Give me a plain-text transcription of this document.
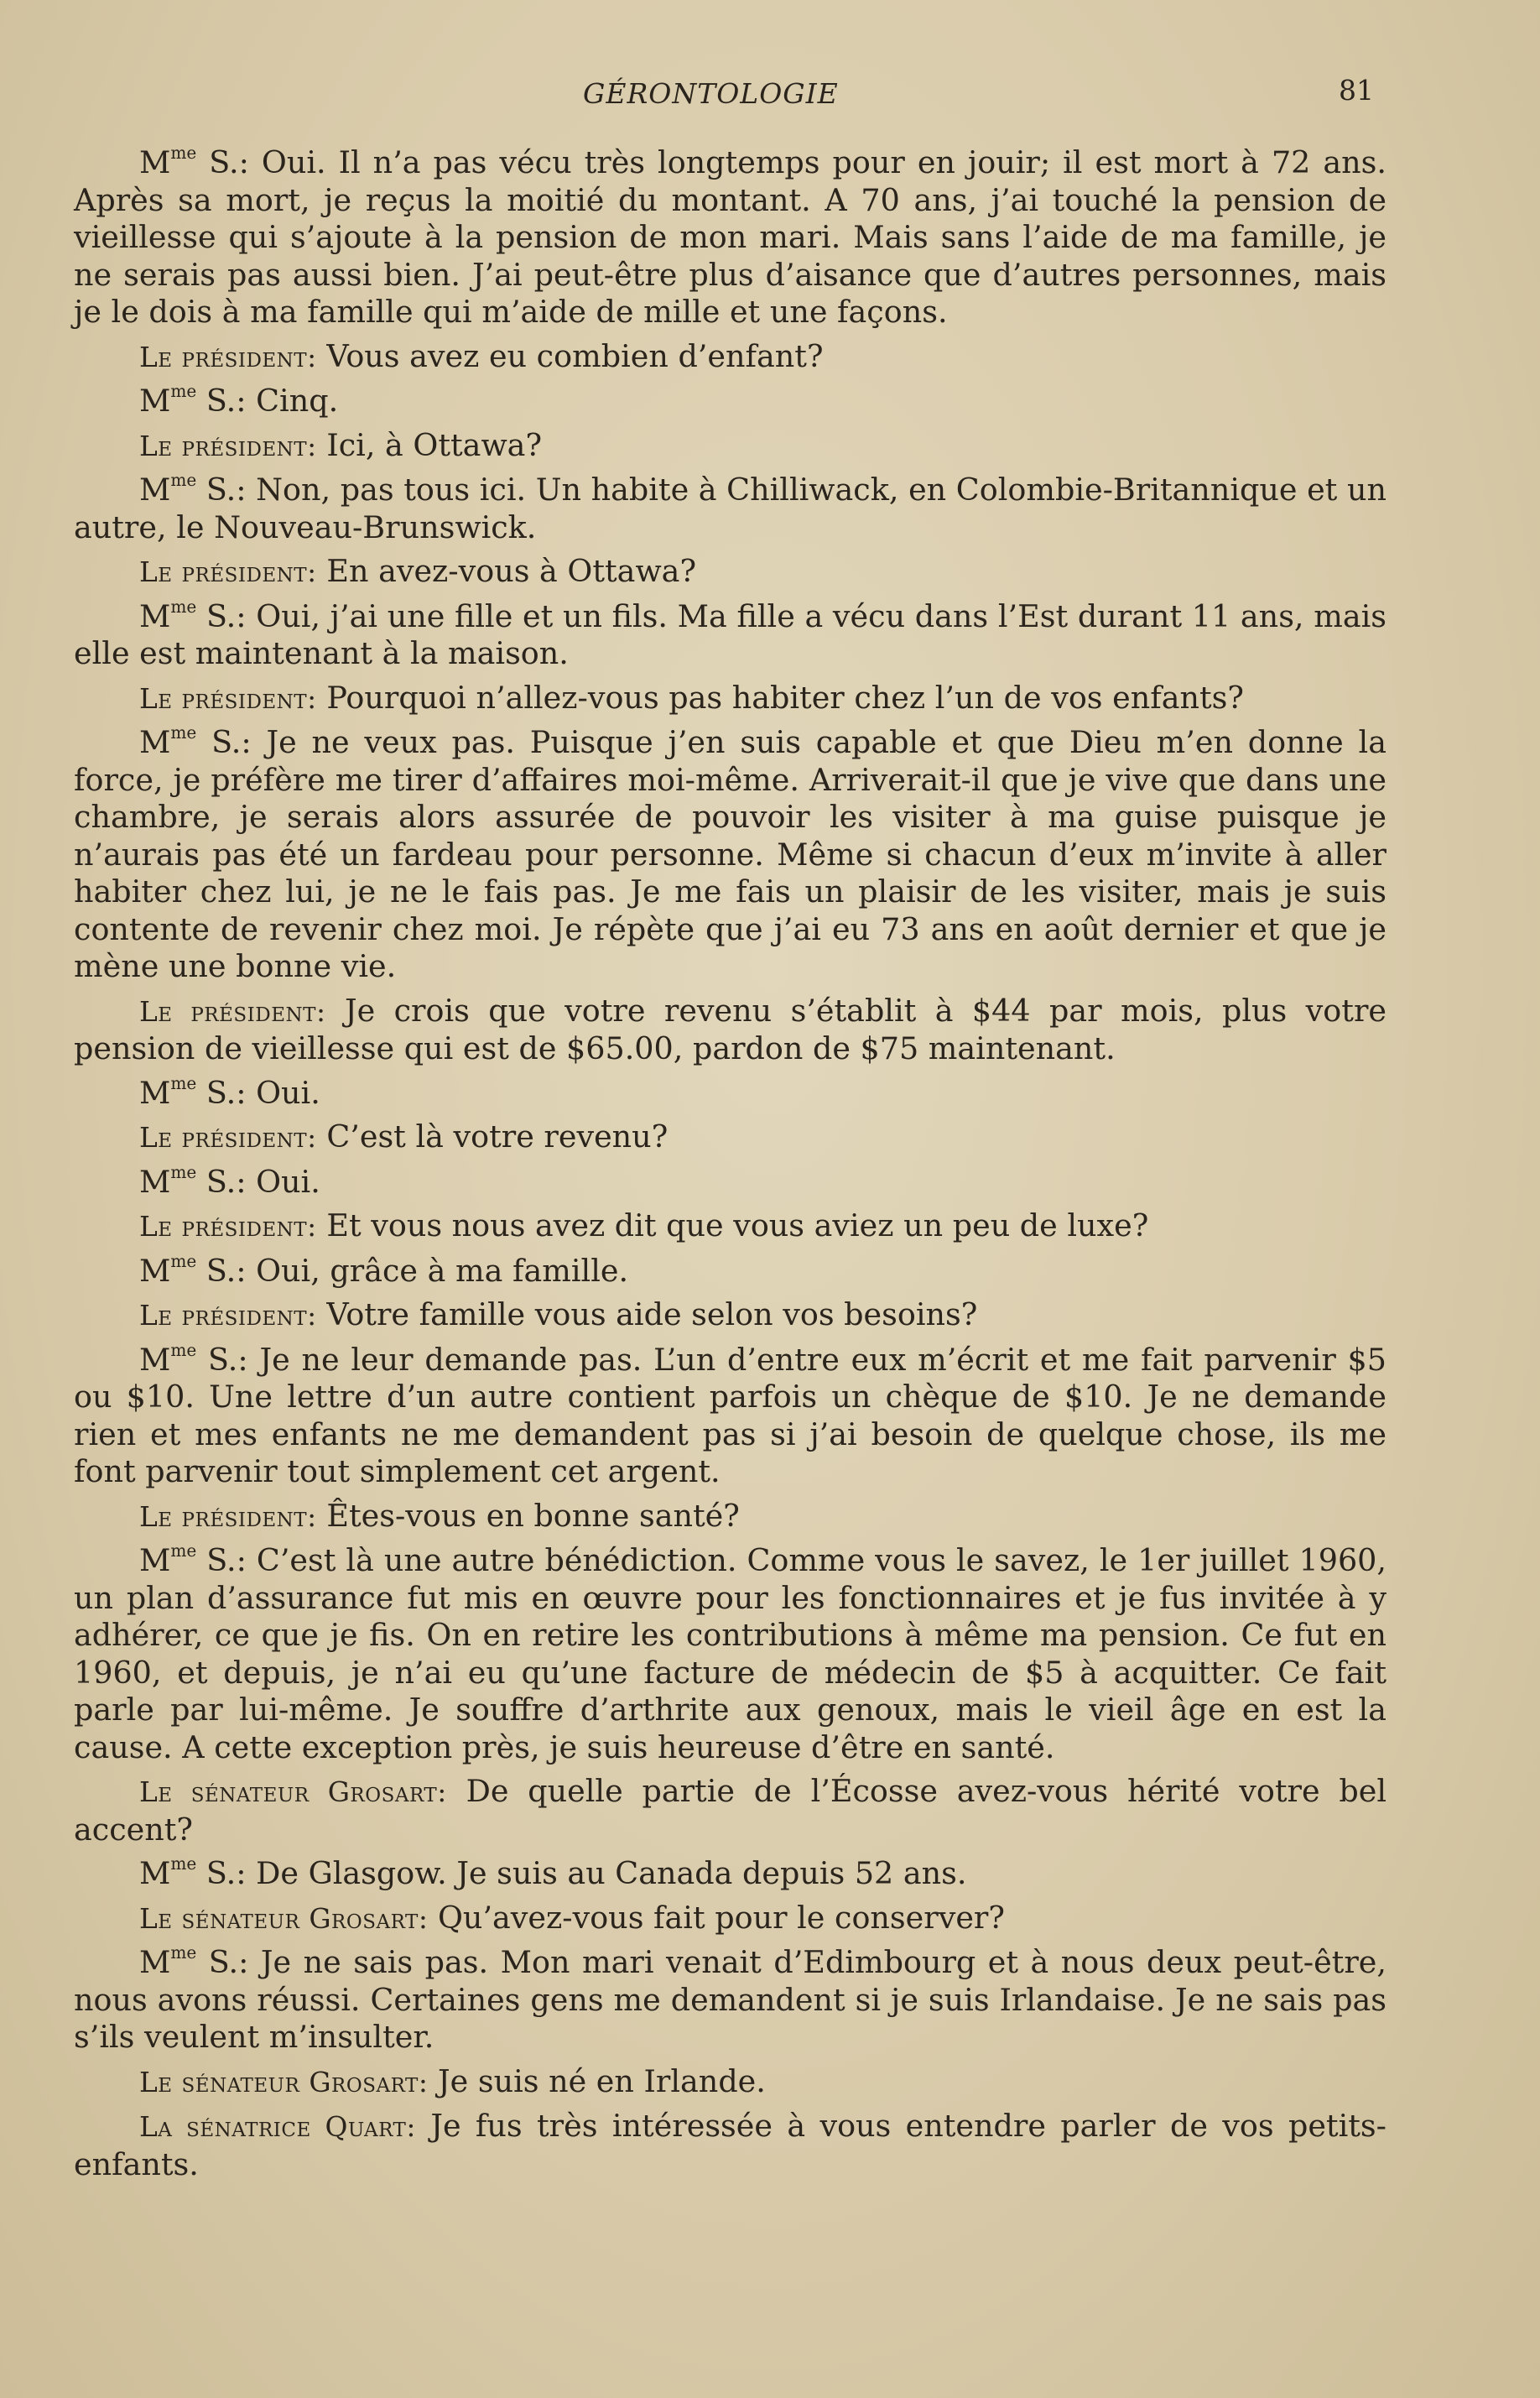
GÉRONTOLOGIE	81

$M^{me}$ S.: Oui. Il n’a pas vécu très longtemps pour en jouir; il est mort à 72 ans. Après sa mort, je reçus la moitié du montant. A 70 ans, j’ai touché la pension de vieillesse qui s’ajoute à la pension de mon mari. Mais sans l’aide de ma famille, je ne serais pas aussi bien. J’ai peut-être plus d’aisance que d’autres personnes, mais je le dois à ma famille qui m’aide de mille et une façons.

Le président: Vous avez eu combien d’enfant?

$M^{me}$ S.: Cinq.

Le président: Ici, à Ottawa?

$M^{me}$ S.: Non, pas tous ici. Un habite à Chilliwack, en Colombie-Britannique et un autre, le Nouveau-Brunswick.

Le président: En avez-vous à Ottawa?

$M^{me}$ S.: Oui, j’ai une fille et un fils. Ma fille a vécu dans l’Est durant 11 ans, mais elle est maintenant à la maison.

Le président: Pourquoi n’allez-vous pas habiter chez l’un de vos enfants?

$M^{me}$ S.: Je ne veux pas. Puisque j’en suis capable et que Dieu m’en donne la force, je préfère me tirer d’affaires moi-même. Arriverait-il que je vive que dans une chambre, je serais alors assurée de pouvoir les visiter à ma guise puisque je n’aurais pas été un fardeau pour personne. Même si chacun d’eux m’invite à aller habiter chez lui, je ne le fais pas. Je me fais un plaisir de les visiter, mais je suis contente de revenir chez moi. Je répète que j’ai eu 73 ans en août dernier et que je mène une bonne vie.

Le président: Je crois que votre revenu s’établit à $44 par mois, plus votre pension de vieillesse qui est de $65.00, pardon de $75 maintenant.

$M^{me}$ S.: Oui.

Le président: C’est là votre revenu?

$M^{me}$ S.: Oui.

Le président: Et vous nous avez dit que vous aviez un peu de luxe?

$M^{me}$ S.: Oui, grâce à ma famille.

Le président: Votre famille vous aide selon vos besoins?

$M^{me}$ S.: Je ne leur demande pas. L’un d’entre eux m’écrit et me fait parvenir $5 ou $10. Une lettre d’un autre contient parfois un chèque de $10. Je ne demande rien et mes enfants ne me demandent pas si j’ai besoin de quelque chose, ils me font parvenir tout simplement cet argent.

Le président: Êtes-vous en bonne santé?

$M^{me}$ S.: C’est là une autre bénédiction. Comme vous le savez, le 1er juillet 1960, un plan d’assurance fut mis en œuvre pour les fonctionnaires et je fus invitée à y adhérer, ce que je fis. On en retire les contributions à même ma pension. Ce fut en 1960, et depuis, je n’ai eu qu’une facture de médecin de $5 à acquitter. Ce fait parle par lui-même. Je souffre d’arthrite aux genoux, mais le vieil âge en est la cause. A cette exception près, je suis heureuse d’être en santé.

Le sénateur Grosart: De quelle partie de l’Écosse avez-vous hérité votre bel accent?

$M^{me}$ S.: De Glasgow. Je suis au Canada depuis 52 ans.

Le sénateur Grosart: Qu’avez-vous fait pour le conserver?

$M^{me}$ S.: Je ne sais pas. Mon mari venait d’Edimbourg et à nous deux peut-être, nous avons réussi. Certaines gens me demandent si je suis Irlandaise. Je ne sais pas s’ils veulent m’insulter.

Le sénateur Grosart: Je suis né en Irlande.

La sénatrice Quart: Je fus très intéressée à vous entendre parler de vos petits-enfants.
